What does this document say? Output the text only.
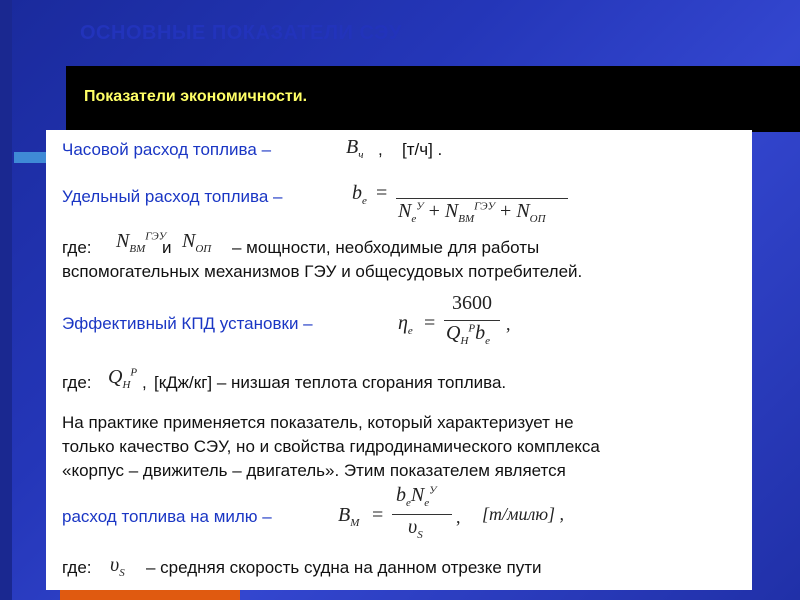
ОСНОВНЫЕ ПОКАЗАТЕЛИ СЭУ
Показатели экономичности.
Часовой расход топлива –	$B_ч$ , [т/ч] .
Удельный расход топлива –	$b_e$ =
$N_e^У + N_{ВМ}^{ГЭУ} + N_{ОП}$
где: $N_{ВМ}^{ГЭУ}$
и $N_{ОП}$ – мощности, необходимые для работы
вспомогательных механизмов ГЭУ и общесудовых потребителей.
Эффективный КПД установки –	$\eta_e$ =
3600
$Q_Н^Рb_e$
,
где: $Q_Н^Р$
, [кДж/кг] – низшая теплота сгорания топлива.
На практике применяется показатель, который характеризует не
только качество СЭУ, но и свойства гидродинамического комплекса
«корпус – движитель – двигатель». Этим показателем является
расход топлива на милю –	$B_М$ =
$b_eN_e^У$
$\upsilon_S$
, [т/милю] ,
где: $\upsilon_S$ – средняя скорость судна на данном отрезке пути
